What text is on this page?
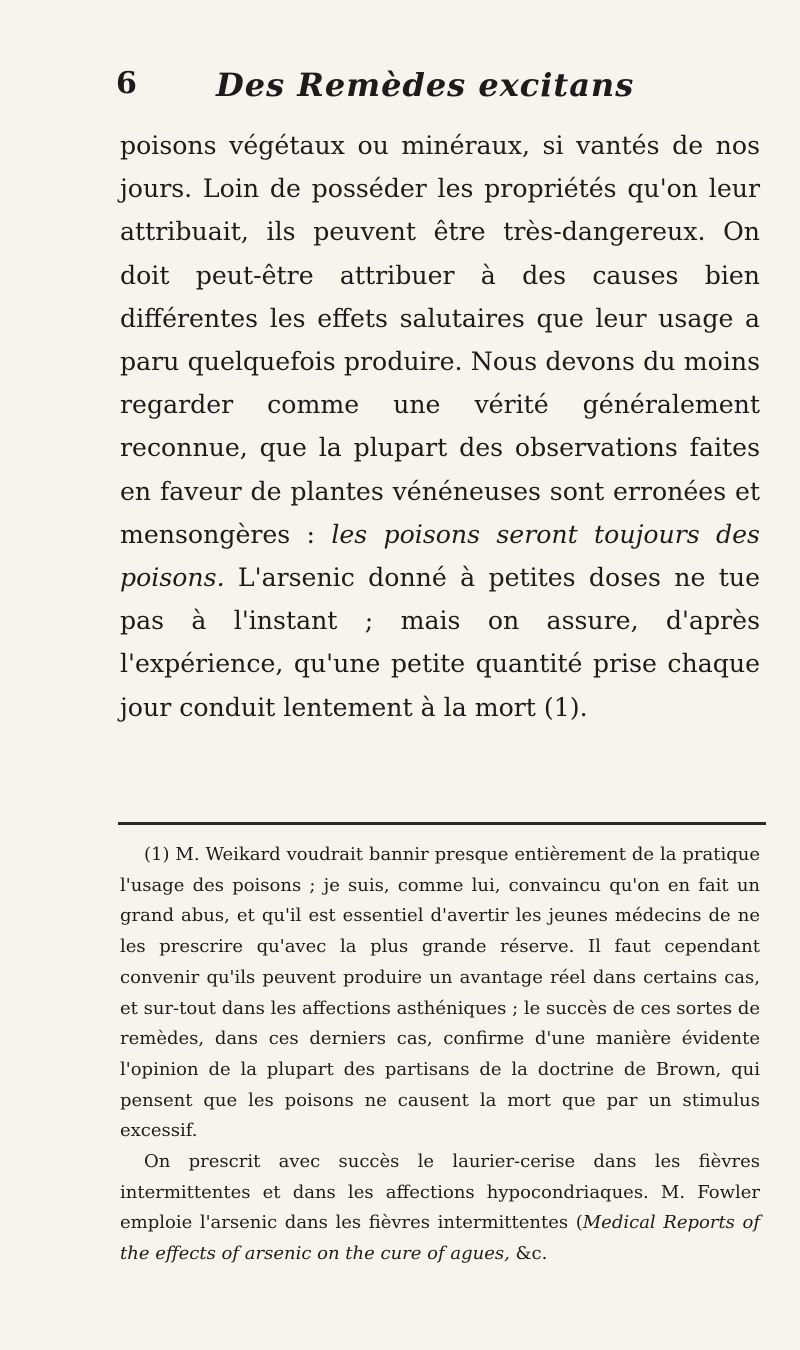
6 Des Remèdes excitans

poisons végétaux ou minéraux, si vantés de nos jours. Loin de posséder les propriétés qu'on leur attribuait, ils peuvent être très-dangereux. On doit peut-être attribuer à des causes bien différentes les effets salutaires que leur usage a paru quelquefois produire. Nous devons du moins regarder comme une vérité généralement reconnue, que la plupart des observations faites en faveur de plantes vénéneuses sont erronées et mensongères : les poisons seront toujours des poisons. L'arsenic donné à petites doses ne tue pas à l'instant ; mais on assure, d'après l'expérience, qu'une petite quantité prise chaque jour conduit lentement à la mort (1).

(1) M. Weikard voudrait bannir presque entièrement de la pratique l'usage des poisons ; je suis, comme lui, convaincu qu'on en fait un grand abus, et qu'il est essentiel d'avertir les jeunes médecins de ne les prescrire qu'avec la plus grande réserve. Il faut cependant convenir qu'ils peuvent produire un avantage réel dans certains cas, et sur-tout dans les affections asthéniques ; le succès de ces sortes de remèdes, dans ces derniers cas, confirme d'une manière évidente l'opinion de la plupart des partisans de la doctrine de Brown, qui pensent que les poisons ne causent la mort que par un stimulus excessif.

On prescrit avec succès le laurier-cerise dans les fièvres intermittentes et dans les affections hypocondriaques. M. Fowler emploie l'arsenic dans les fièvres intermittentes (Medical Reports of the effects of arsenic on the cure of agues, &c.
